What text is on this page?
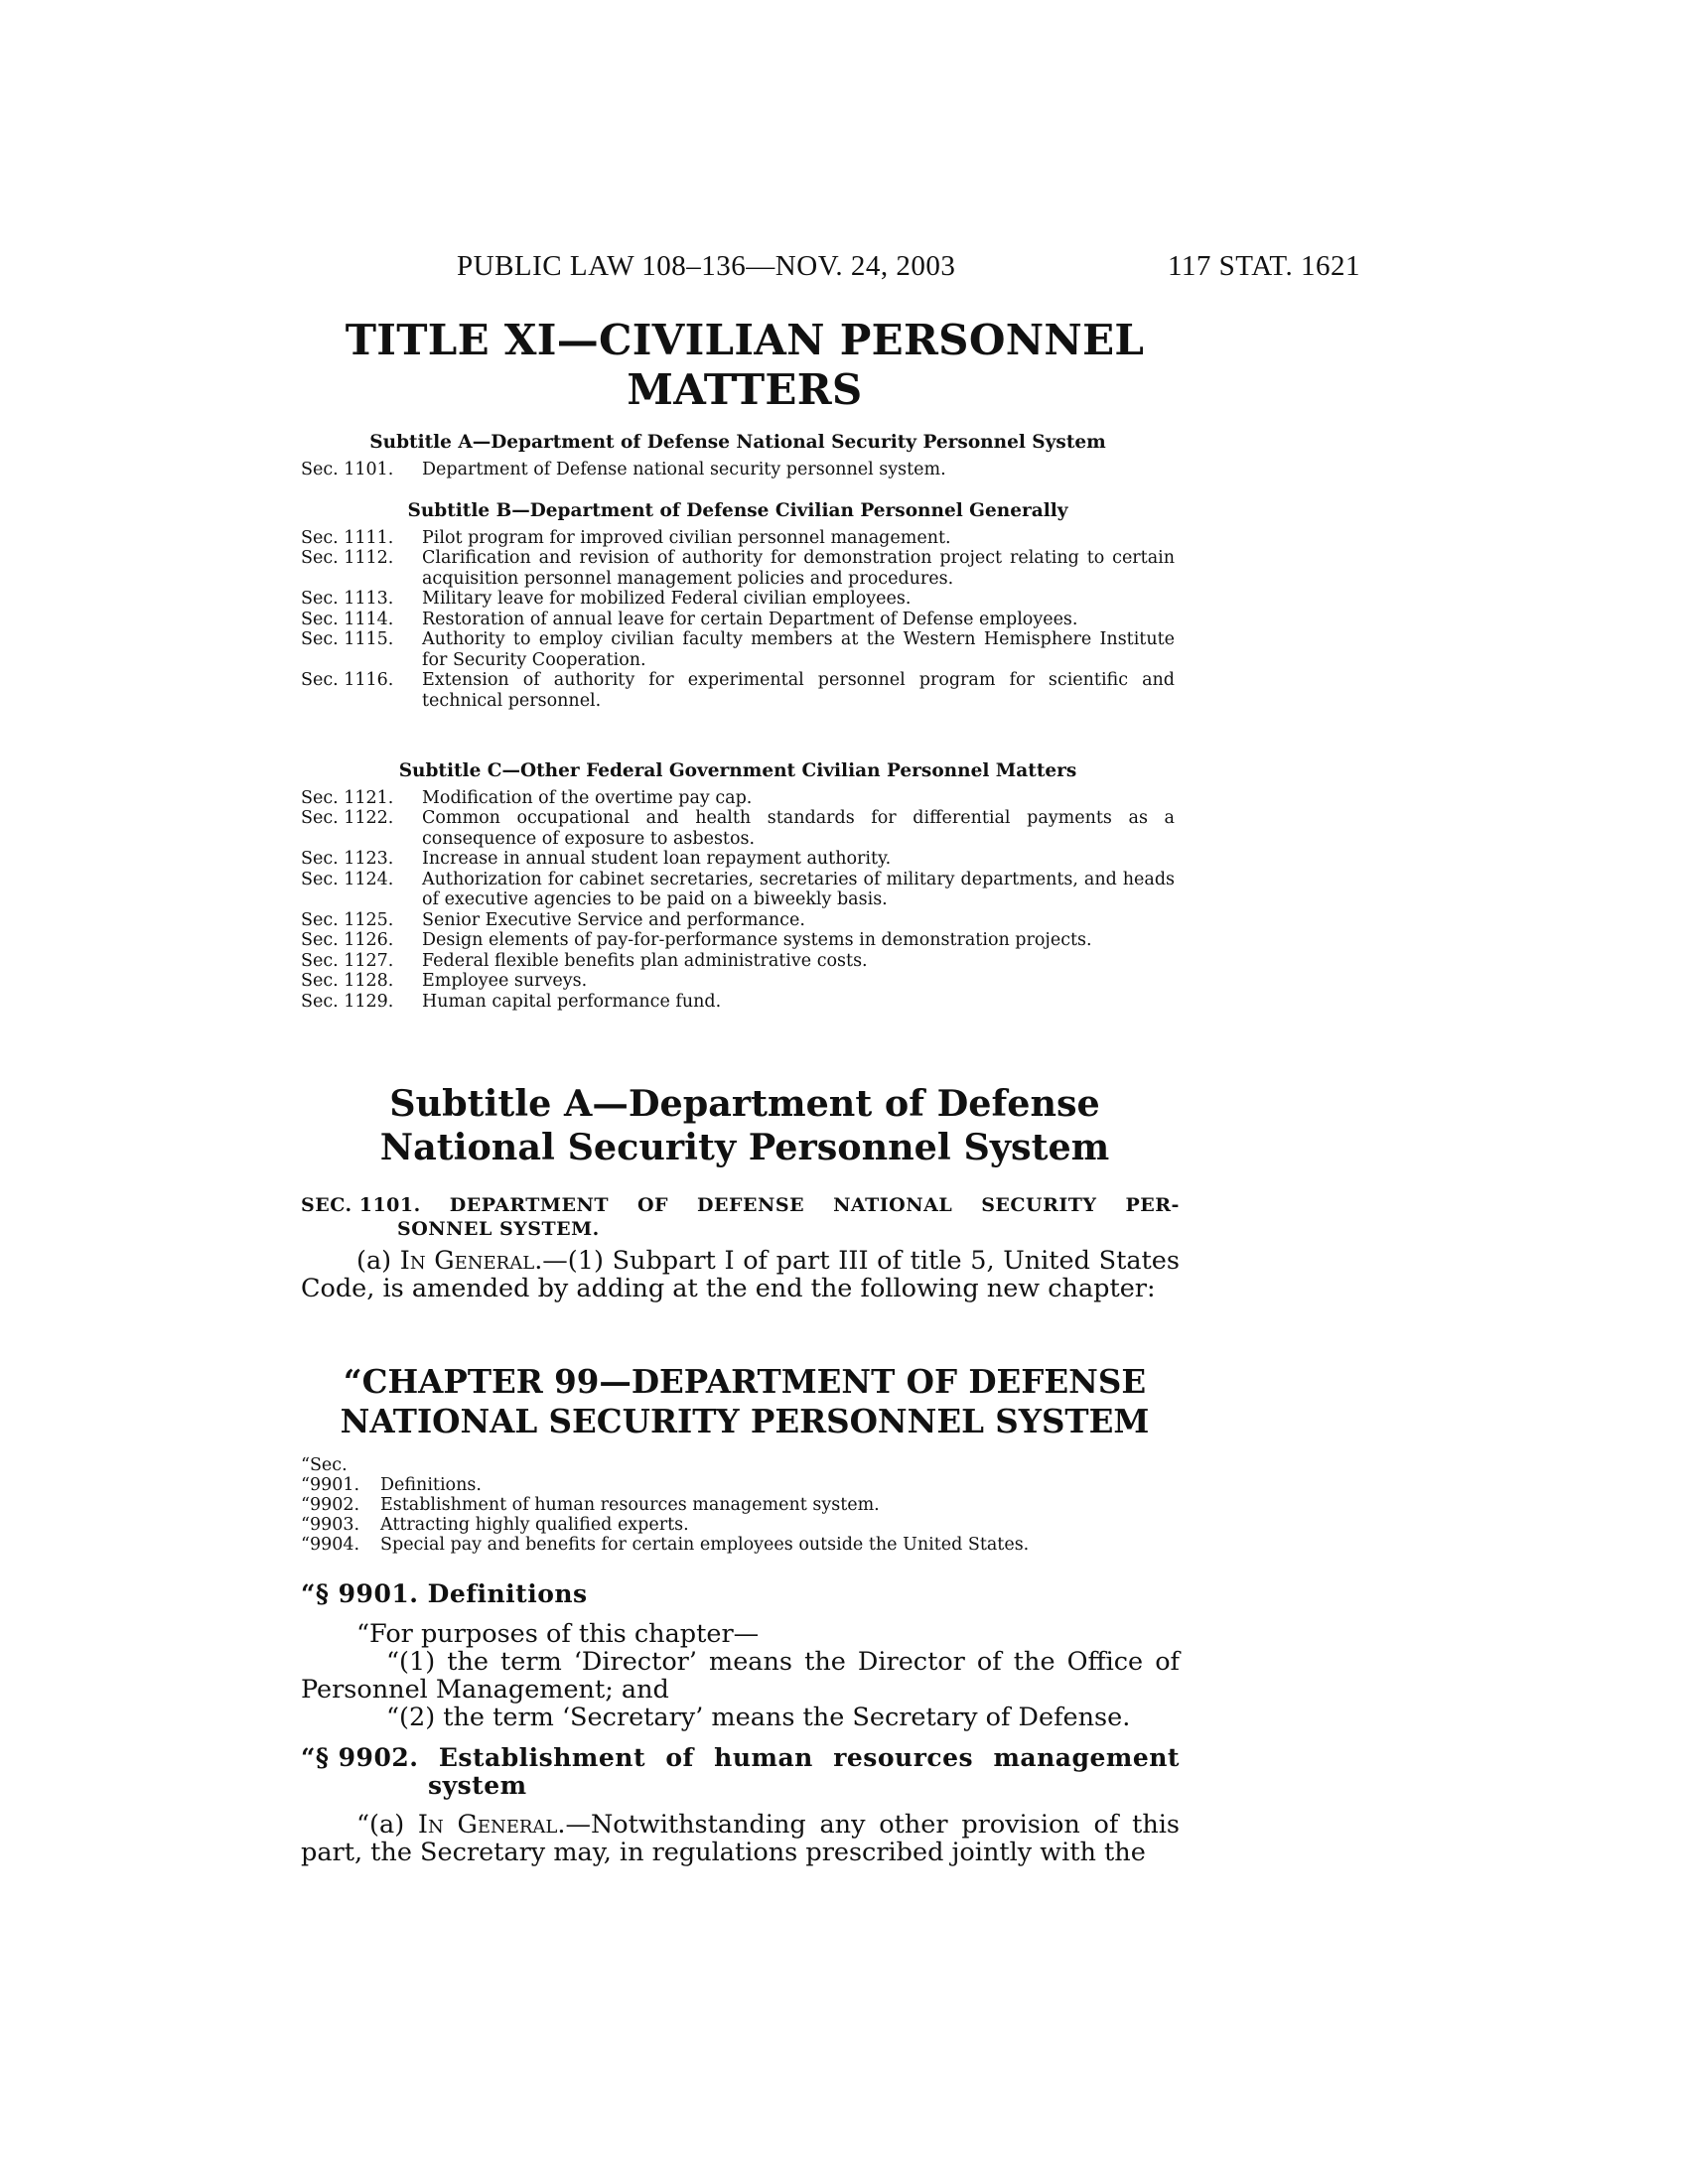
PUBLIC LAW 108–136—NOV. 24, 2003	117 STAT. 1621
TITLE XI—CIVILIAN PERSONNEL
MATTERS
Subtitle A—Department of Defense National Security Personnel System
Sec. 1101.	Department of Defense national security personnel system.
Subtitle B—Department of Defense Civilian Personnel Generally
Sec. 1111.	Pilot program for improved civilian personnel management.
Sec. 1112.	Clarification and revision of authority for demonstration project relating to certain acquisition personnel management policies and procedures.
Sec. 1113.	Military leave for mobilized Federal civilian employees.
Sec. 1114.	Restoration of annual leave for certain Department of Defense employees.
Sec. 1115.	Authority to employ civilian faculty members at the Western Hemisphere Institute for Security Cooperation.
Sec. 1116.	Extension of authority for experimental personnel program for scientific and technical personnel.
Subtitle C—Other Federal Government Civilian Personnel Matters
Sec. 1121.	Modification of the overtime pay cap.
Sec. 1122.	Common occupational and health standards for differential payments as a consequence of exposure to asbestos.
Sec. 1123.	Increase in annual student loan repayment authority.
Sec. 1124.	Authorization for cabinet secretaries, secretaries of military departments, and heads of executive agencies to be paid on a biweekly basis.
Sec. 1125.	Senior Executive Service and performance.
Sec. 1126.	Design elements of pay-for-performance systems in demonstration projects.
Sec. 1127.	Federal flexible benefits plan administrative costs.
Sec. 1128.	Employee surveys.
Sec. 1129.	Human capital performance fund.
Subtitle A—Department of Defense
National Security Personnel System
SEC. 1101. DEPARTMENT OF DEFENSE NATIONAL SECURITY PER-
SONNEL SYSTEM.
(a) In General.—(1) Subpart I of part III of title 5, United States Code, is amended by adding at the end the following new chapter:
“CHAPTER 99—DEPARTMENT OF DEFENSE
NATIONAL SECURITY PERSONNEL SYSTEM
“Sec.
“9901.	Definitions.
“9902.	Establishment of human resources management system.
“9903.	Attracting highly qualified experts.
“9904.	Special pay and benefits for certain employees outside the United States.
“§ 9901. Definitions
“For purposes of this chapter—
“(1) the term ‘Director’ means the Director of the Office of Personnel Management; and
“(2) the term ‘Secretary’ means the Secretary of Defense.
“§ 9902. Establishment of human resources management
system
“(a) In General.—Notwithstanding any other provision of this part, the Secretary may, in regulations prescribed jointly with the
